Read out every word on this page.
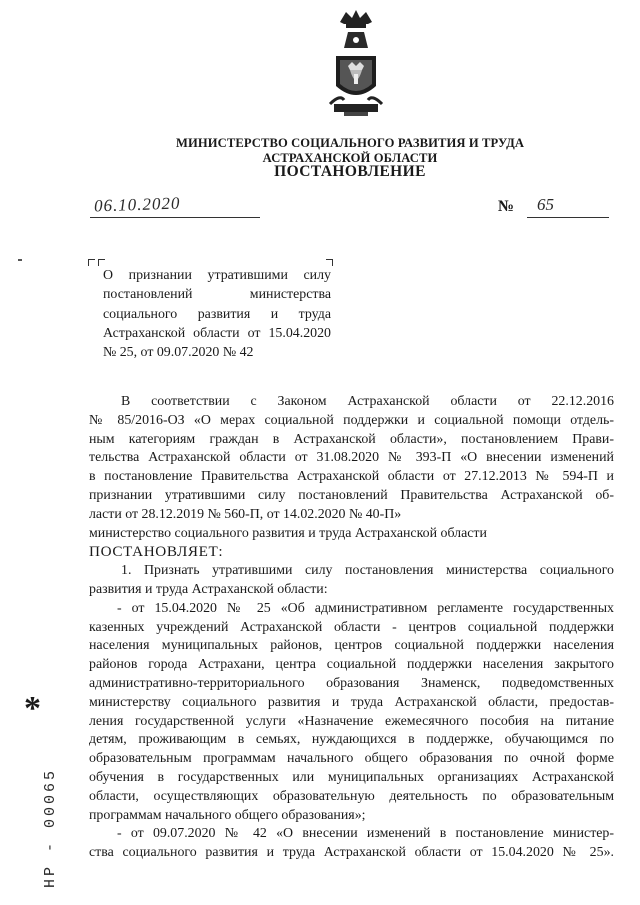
МИНИСТЕРСТВО СОЦИАЛЬНОГО РАЗВИТИЯ И ТРУДА
АСТРАХАНСКОЙ ОБЛАСТИ
ПОСТАНОВЛЕНИЕ
06.10.2020	№ 65
О признании утратившими силу постановлений министерства социального развития и труда Астраханской области от 15.04.2020 № 25, от 09.07.2020 № 42

В соответствии с Законом Астраханской области от 22.12.2016

№ 85/2016-ОЗ «О мерах социальной поддержки и социальной помощи отдель-

ным категориям граждан в Астраханской области», постановлением Прави-

тельства Астраханской области от 31.08.2020 № 393-П «О внесении изменений

в постановление Правительства Астраханской области от 27.12.2013 № 594-П и

признании утратившими силу постановлений Правительства Астраханской об-

ласти от 28.12.2019 № 560-П, от 14.02.2020 № 40-П»

министерство социального развития и труда Астраханской области

ПОСТАНОВЛЯЕТ:

1. Признать утратившими силу постановления министерства социального

развития и труда Астраханской области:

- от 15.04.2020 № 25 «Об административном регламенте государственных

казенных учреждений Астраханской области - центров социальной поддержки

населения муниципальных районов, центров социальной поддержки населения

районов города Астрахани, центра социальной поддержки населения закрытого

административно-территориального образования Знаменск, подведомственных

министерству социального развития и труда Астраханской области, предостав-

ления государственной услуги «Назначение ежемесячного пособия на питание

детям, проживающим в семьях, нуждающихся в поддержке, обучающимся по

образовательным программам начального общего образования по очной форме

обучения в государственных или муниципальных организациях Астраханской

области, осуществляющих образовательную деятельность по образовательным

программам начального общего образования»;

- от 09.07.2020 № 42 «О внесении изменений в постановление министер-

ства социального развития и труда Астраханской области от 15.04.2020 № 25».

*
НР - 00065
